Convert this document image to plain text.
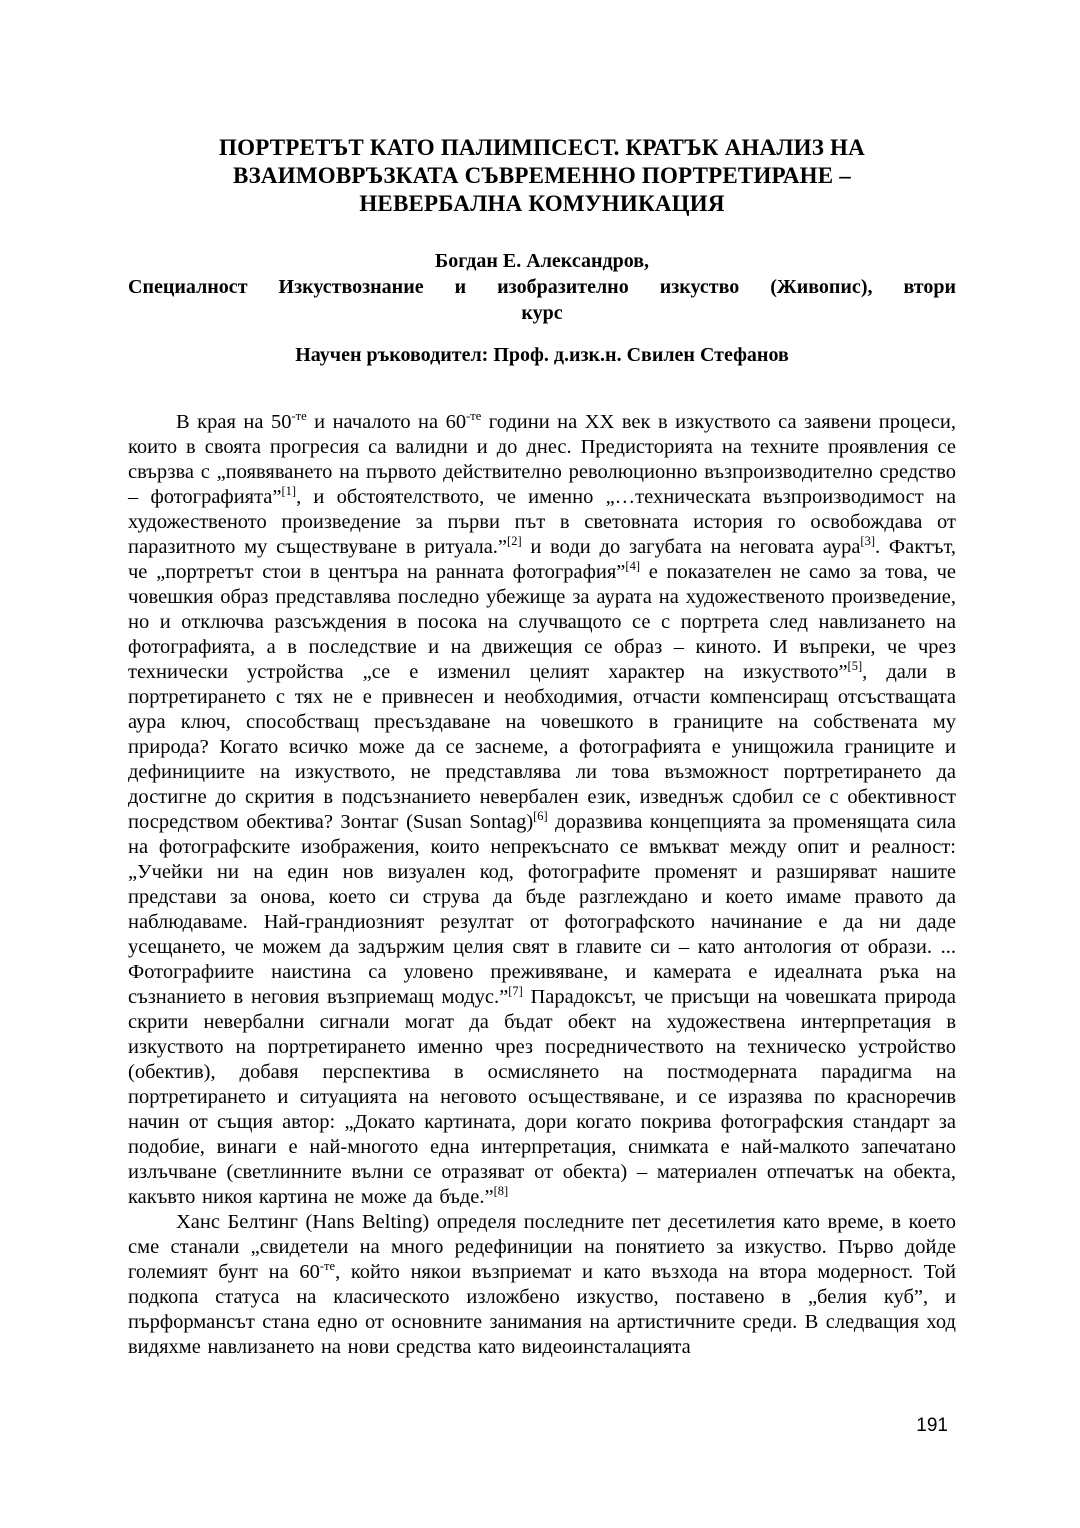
ПОРТРЕТЪТ КАТО ПАЛИМПСЕСТ. КРАТЪК АНАЛИЗ НА
ВЗАИМОВРЪЗКАТА СЪВРЕМЕННО ПОРТРЕТИРАНЕ –
НЕВЕРБАЛНА КОМУНИКАЦИЯ
Богдан Е. Александров,
Специалност Изкуствознание и изобразително изкуство (Живопис), втори
курс
Научен ръководител: Проф. д.изк.н. Свилен Стефанов

В края на $50^{-те}$ и началото на $60^{-те}$ години на ХХ век в изкуството са заявени процеси, които в своята прогресия са валидни и до днес. Предисторията на техните проявления се свързва с „появяването на първото действително революционно възпроизводително средство – фотографията”[1], и обстоятелството, че именно „…техническата възпроизводимост на художественото произведение за първи път в световната история го освобождава от паразитното му съществуване в ритуала.”[2] и води до загубата на неговата аура[3]. Фактът, че „портретът стои в центъра на ранната фотография”[4] е показателен не само за това, че човешкия образ представлява последно убежище за аурата на художественото произведение, но и отключва разсъждения в посока на случващото се с портрета след навлизането на фотографията, а в последствие и на движещия се образ – киното. И въпреки, че чрез технически устройства „се е изменил целият характер на изкуството”[5], дали в портретирането с тях не е привнесен и необходимия, отчасти компенсиращ отсъстващата аура ключ, способстващ пресъздаване на човешкото в границите на собствената му природа? Когато всичко може да се заснеме, а фотографията е унищожила границите и дефинициите на изкуството, не представлява ли това възможност портретирането да достигне до скрития в подсъзнанието невербален език, изведнъж сдобил се с обективност посредством обектива? Зонтаг (Susan Sontag)[6] доразвива концепцията за променящата сила на фотографските изображения, които непрекъснато се вмъкват между опит и реалност: „Учейки ни на един нов визуален код, фотографите променят и разширяват нашите представи за онова, което си струва да бъде разглеждано и което имаме правото да наблюдаваме. Най-грандиозният резултат от фотографското начинание е да ни даде усещането, че можем да задържим целия свят в главите си – като антология от образи. ... Фотографиите наистина са уловено преживяване, и камерата е идеалната ръка на съзнанието в неговия възприемащ модус.”[7] Парадоксът, че присъщи на човешката природа скрити невербални сигнали могат да бъдат обект на художествена интерпретация в изкуството на портретирането именно чрез посредничеството на техническо устройство (обектив), добавя перспектива в осмислянето на постмодерната парадигма на портретирането и ситуацията на неговото осъществяване, и се изразява по красноречив начин от същия автор: „Докато картината, дори когато покрива фотографския стандарт за подобие, винаги е най-многото една интерпретация, снимката е най-малкото запечатано излъчване (светлинните вълни се отразяват от обекта) – материален отпечатък на обекта, какъвто никоя картина не може да бъде.”[8]

Ханс Белтинг (Hans Belting) определя последните пет десетилетия като време, в което сме станали „свидетели на много редефиниции на понятието за изкуство. Първо дойде големият бунт на $60^{-те}$, който някои възприемат и като възхода на втора модерност. Той подкопа статуса на класическото изложбено изкуство, поставено в „белия куб”, и пърформансът стана едно от основните занимания на артистичните среди. В следващия ход видяхме навлизането на нови средства като видеоинсталацията

191
